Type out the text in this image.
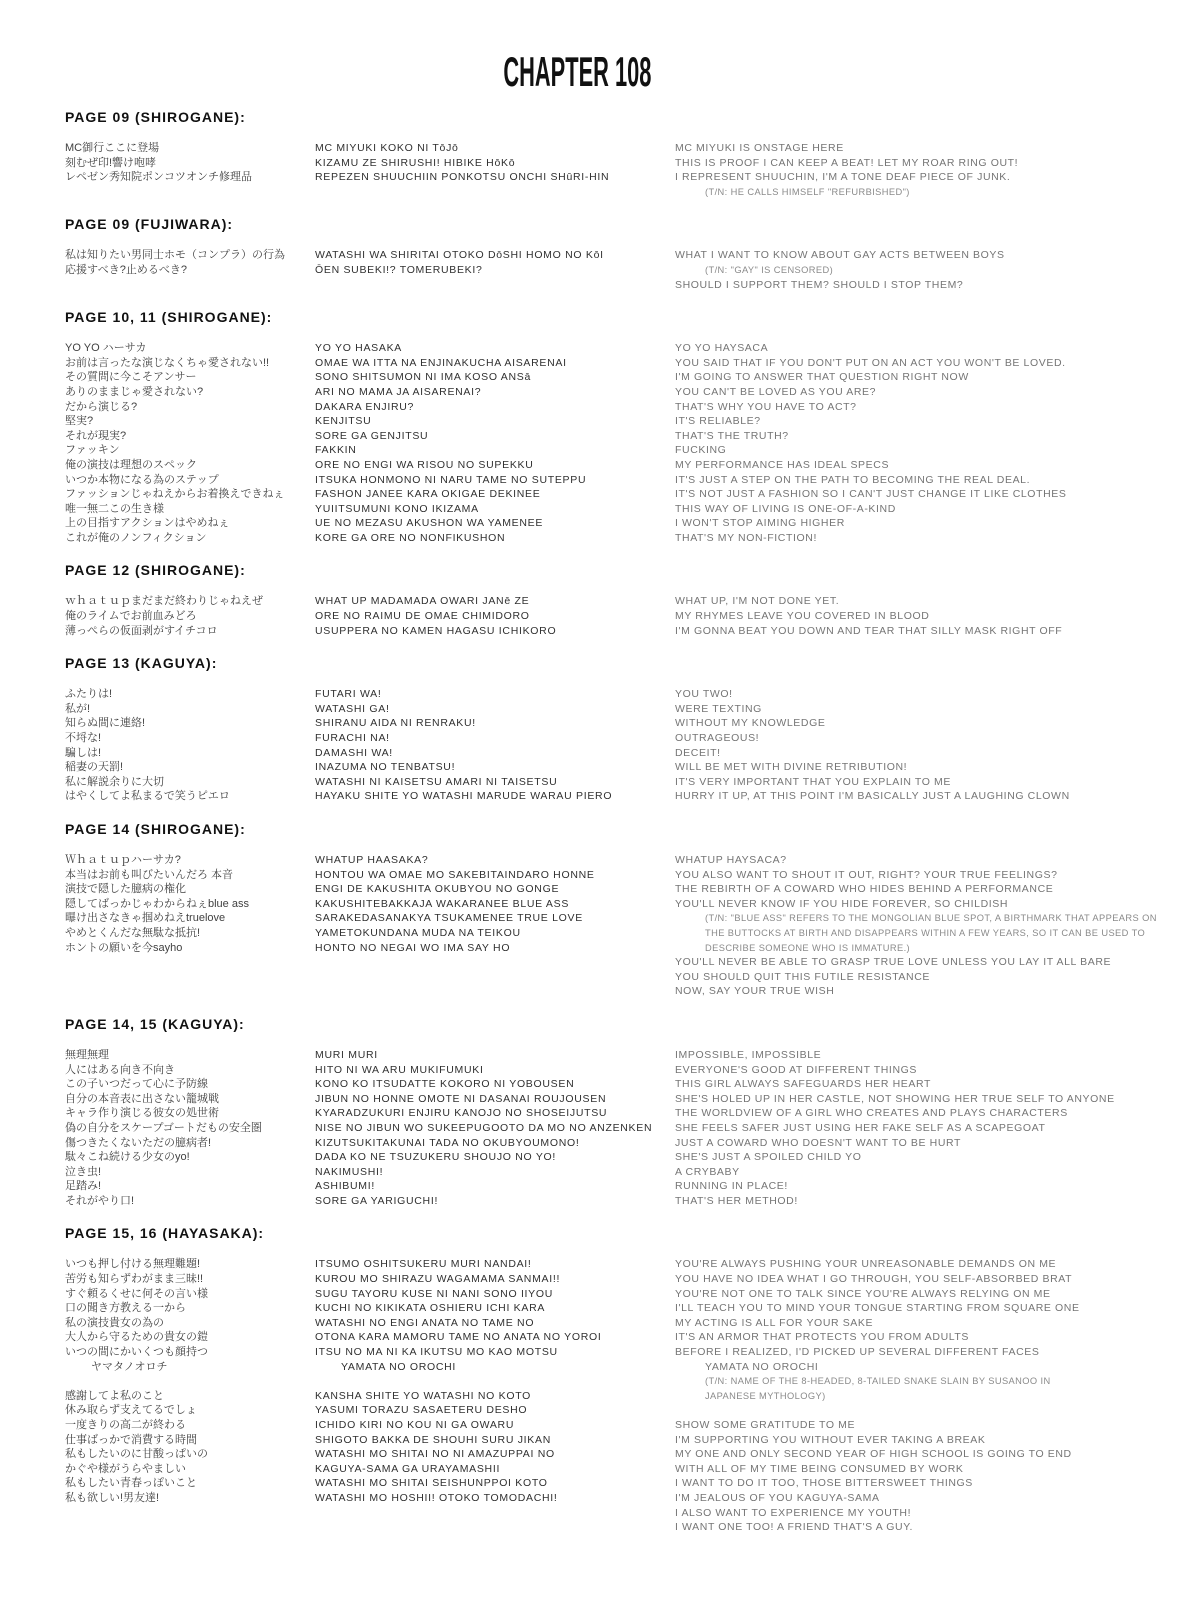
CHAPTER 108
PAGE 09 (SHIROGANE):
MC御行ここに登場
刻むぜ印!響け咆哮
レペゼン秀知院ポンコツオンチ修理品
MC MIYUKI KOKO NI TōJō
KIZAMU ZE SHIRUSHI! HIBIKE HōKō
REPEZEN SHUUCHIIN PONKOTSU ONCHI SHūRI-HIN
MC MIYUKI IS ONSTAGE HERE
THIS IS PROOF I CAN KEEP A BEAT! LET MY ROAR RING OUT!
I REPRESENT SHUUCHIN, I'M A TONE DEAF PIECE OF JUNK.
(T/N: HE CALLS HIMSELF "REFURBISHED")
PAGE 09 (FUJIWARA):
私は知りたい男同士ホモ（コンプラ）の行為
応援すべき?止めるべき?
WATASHI WA SHIRITAI OTOKO DōSHI HOMO NO KōI
ŌEN SUBEKI!? TOMERUBEKI?
WHAT I WANT TO KNOW ABOUT GAY ACTS BETWEEN BOYS
(T/N: "GAY" IS CENSORED)
SHOULD I SUPPORT THEM? SHOULD I STOP THEM?
PAGE 10, 11 (SHIROGANE):
YO YO ハーサカ
お前は言ったな演じなくちゃ愛されない!!
その質問に今こそアンサー
ありのままじゃ愛されない?
だから演じる?
堅実?
それが現実?
ファッキン
俺の演技は理想のスペック
いつか本物になる為のステップ
ファッションじゃねえからお着換えできねぇ
唯一無二この生き様
上の目指すアクションはやめねぇ
これが俺のノンフィクション
YO YO HASAKA
OMAE WA ITTA NA ENJINAKUCHA AISARENAI
SONO SHITSUMON NI IMA KOSO ANSā
ARI NO MAMA JA AISARENAI?
DAKARA ENJIRU?
KENJITSU
SORE GA GENJITSU
FAKKIN
ORE NO ENGI WA RISOU NO SUPEKKU
ITSUKA HONMONO NI NARU TAME NO SUTEPPU
FASHON JANEE KARA OKIGAE DEKINEE
YUIITSUMUNI KONO IKIZAMA
UE NO MEZASU AKUSHON WA YAMENEE
KORE GA ORE NO NONFIKUSHON
YO YO HAYSACA
YOU SAID THAT IF YOU DON'T PUT ON AN ACT YOU WON'T BE LOVED.
I'M GOING TO ANSWER THAT QUESTION RIGHT NOW
YOU CAN'T BE LOVED AS YOU ARE?
THAT'S WHY YOU HAVE TO ACT?
IT'S RELIABLE?
THAT'S THE TRUTH?
FUCKING
MY PERFORMANCE HAS IDEAL SPECS
IT'S JUST A STEP ON THE PATH TO BECOMING THE REAL DEAL.
IT'S NOT JUST A FASHION SO I CAN'T JUST CHANGE IT LIKE CLOTHES
THIS WAY OF LIVING IS ONE-OF-A-KIND
I WON'T STOP AIMING HIGHER
THAT'S MY NON-FICTION!
PAGE 12 (SHIROGANE):
ｗｈａｔｕｐまだまだ終わりじゃねえぜ
俺のライムでお前血みどろ
薄っぺらの仮面剥がすイチコロ
WHAT UP MADAMADA OWARI JANē ZE
ORE NO RAIMU DE OMAE CHIMIDORO
USUPPERA NO KAMEN HAGASU ICHIKORO
WHAT UP, I'M NOT DONE YET.
MY RHYMES LEAVE YOU COVERED IN BLOOD
I'M GONNA BEAT YOU DOWN AND TEAR THAT SILLY MASK RIGHT OFF
PAGE 13 (KAGUYA):
ふたりは!
私が!
知らぬ間に連絡!
不埒な!
騙しは!
稲妻の天罰!
私に解説余りに大切
はやくしてよ私まるで笑うピエロ
FUTARI WA!
WATASHI GA!
SHIRANU AIDA NI RENRAKU!
FURACHI NA!
DAMASHI WA!
INAZUMA NO TENBATSU!
WATASHI NI KAISETSU AMARI NI TAISETSU
HAYAKU SHITE YO WATASHI MARUDE WARAU PIERO
YOU TWO!
WERE TEXTING
WITHOUT MY KNOWLEDGE
OUTRAGEOUS!
DECEIT!
WILL BE MET WITH DIVINE RETRIBUTION!
IT'S VERY IMPORTANT THAT YOU EXPLAIN TO ME
HURRY IT UP, AT THIS POINT I'M BASICALLY JUST A LAUGHING CLOWN
PAGE 14 (SHIROGANE):
Ｗｈａｔｕｐハーサカ?
本当はお前も叫びたいんだろ 本音
演技で隠した臆病の権化
隠してばっかじゃわからねぇblue ass
曝け出さなきゃ掴めねえtruelove
やめとくんだな無駄な抵抗!
ホントの願いを今sayho
WHATUP HAASAKA?
HONTOU WA OMAE MO SAKEBITAINDARO HONNE
ENGI DE KAKUSHITA OKUBYOU NO GONGE
KAKUSHITEBAKKAJA WAKARANEE BLUE ASS
SARAKEDASANAKYA TSUKAMENEE TRUE LOVE
YAMETOKUNDANA MUDA NA TEIKOU
HONTO NO NEGAI WO IMA SAY HO
WHATUP HAYSACA?
YOU ALSO WANT TO SHOUT IT OUT, RIGHT? YOUR TRUE FEELINGS?
THE REBIRTH OF A COWARD WHO HIDES BEHIND A PERFORMANCE
YOU'LL NEVER KNOW IF YOU HIDE FOREVER, SO CHILDISH
(T/N: "BLUE ASS" REFERS TO THE MONGOLIAN BLUE SPOT, A BIRTHMARK THAT APPEARS ON
THE BUTTOCKS AT BIRTH AND DISAPPEARS WITHIN A FEW YEARS, SO IT CAN BE USED TO
DESCRIBE SOMEONE WHO IS IMMATURE.)
YOU'LL NEVER BE ABLE TO GRASP TRUE LOVE UNLESS YOU LAY IT ALL BARE
YOU SHOULD QUIT THIS FUTILE RESISTANCE
NOW, SAY YOUR TRUE WISH
PAGE 14, 15 (KAGUYA):
無理無理
人にはある向き不向き
この子いつだって心に予防線
自分の本音表に出さない籠城戦
キャラ作り演じる彼女の処世術
偽の自分をスケープゴートだもの安全圏
傷つきたくないただの臆病者!
駄々こね続ける少女のyo!
泣き虫!
足踏み!
それがやり口!
MURI MURI
HITO NI WA ARU MUKIFUMUKI
KONO KO ITSUDATTE KOKORO NI YOBOUSEN
JIBUN NO HONNE OMOTE NI DASANAI ROUJOUSEN
KYARADZUKURI ENJIRU KANOJO NO SHOSEIJUTSU
NISE NO JIBUN WO SUKEEPUGOOTO DA MO NO ANZENKEN
KIZUTSUKITAKUNAI TADA NO OKUBYOUMONO!
DADA KO NE TSUZUKERU SHOUJO NO YO!
NAKIMUSHI!
ASHIBUMI!
SORE GA YARIGUCHI!
IMPOSSIBLE, IMPOSSIBLE
EVERYONE'S GOOD AT DIFFERENT THINGS
THIS GIRL ALWAYS SAFEGUARDS HER HEART
SHE'S HOLED UP IN HER CASTLE, NOT SHOWING HER TRUE SELF TO ANYONE
THE WORLDVIEW OF A GIRL WHO CREATES AND PLAYS CHARACTERS
SHE FEELS SAFER JUST USING HER FAKE SELF AS A SCAPEGOAT
JUST A COWARD WHO DOESN'T WANT TO BE HURT
SHE'S JUST A SPOILED CHILD YO
A CRYBABY
RUNNING IN PLACE!
THAT'S HER METHOD!
PAGE 15, 16 (HAYASAKA):
いつも押し付ける無理難題!
苦労も知らずわがまま三昧!!
すぐ頼るくせに何その言い様
口の聞き方教える一から
私の演技貴女の為の
大人から守るための貴女の鎧
いつの間にかいくつも顔持つ
ヤマタノオロチ

感謝してよ私のこと
休み取らず支えてるでしょ
一度きりの高二が終わる
仕事ばっかで消費する時間
私もしたいのに甘酸っぱいの
かぐや様がうらやましい
私もしたい青春っぽいこと
私も欲しい!男友達!
ITSUMO OSHITSUKERU MURI NANDAI!
KUROU MO SHIRAZU WAGAMAMA SANMAI!!
SUGU TAYORU KUSE NI NANI SONO IIYOU
KUCHI NO KIKIKATA OSHIERU ICHI KARA
WATASHI NO ENGI ANATA NO TAME NO
OTONA KARA MAMORU TAME NO ANATA NO YOROI
ITSU NO MA NI KA IKUTSU MO KAO MOTSU
YAMATA NO OROCHI

KANSHA SHITE YO WATASHI NO KOTO
YASUMI TORAZU SASAETERU DESHO
ICHIDO KIRI NO KOU NI GA OWARU
SHIGOTO BAKKA DE SHOUHI SURU JIKAN
WATASHI MO SHITAI NO NI AMAZUPPAI NO
KAGUYA-SAMA GA URAYAMASHII
WATASHI MO SHITAI SEISHUNPPOI KOTO
WATASHI MO HOSHII! OTOKO TOMODACHI!
YOU'RE ALWAYS PUSHING YOUR UNREASONABLE DEMANDS ON ME
YOU HAVE NO IDEA WHAT I GO THROUGH, YOU SELF-ABSORBED BRAT
YOU'RE NOT ONE TO TALK SINCE YOU'RE ALWAYS RELYING ON ME
I'LL TEACH YOU TO MIND YOUR TONGUE STARTING FROM SQUARE ONE
MY ACTING IS ALL FOR YOUR SAKE
IT'S AN ARMOR THAT PROTECTS YOU FROM ADULTS
BEFORE I REALIZED, I'D PICKED UP SEVERAL DIFFERENT FACES
YAMATA NO OROCHI
(T/N: NAME OF THE 8-HEADED, 8-TAILED SNAKE SLAIN BY SUSANOO IN
JAPANESE MYTHOLOGY)

SHOW SOME GRATITUDE TO ME
I'M SUPPORTING YOU WITHOUT EVER TAKING A BREAK
MY ONE AND ONLY SECOND YEAR OF HIGH SCHOOL IS GOING TO END
WITH ALL OF MY TIME BEING CONSUMED BY WORK
I WANT TO DO IT TOO, THOSE BITTERSWEET THINGS
I'M JEALOUS OF YOU KAGUYA-SAMA
I ALSO WANT TO EXPERIENCE MY YOUTH!
I WANT ONE TOO! A FRIEND THAT'S A GUY.
